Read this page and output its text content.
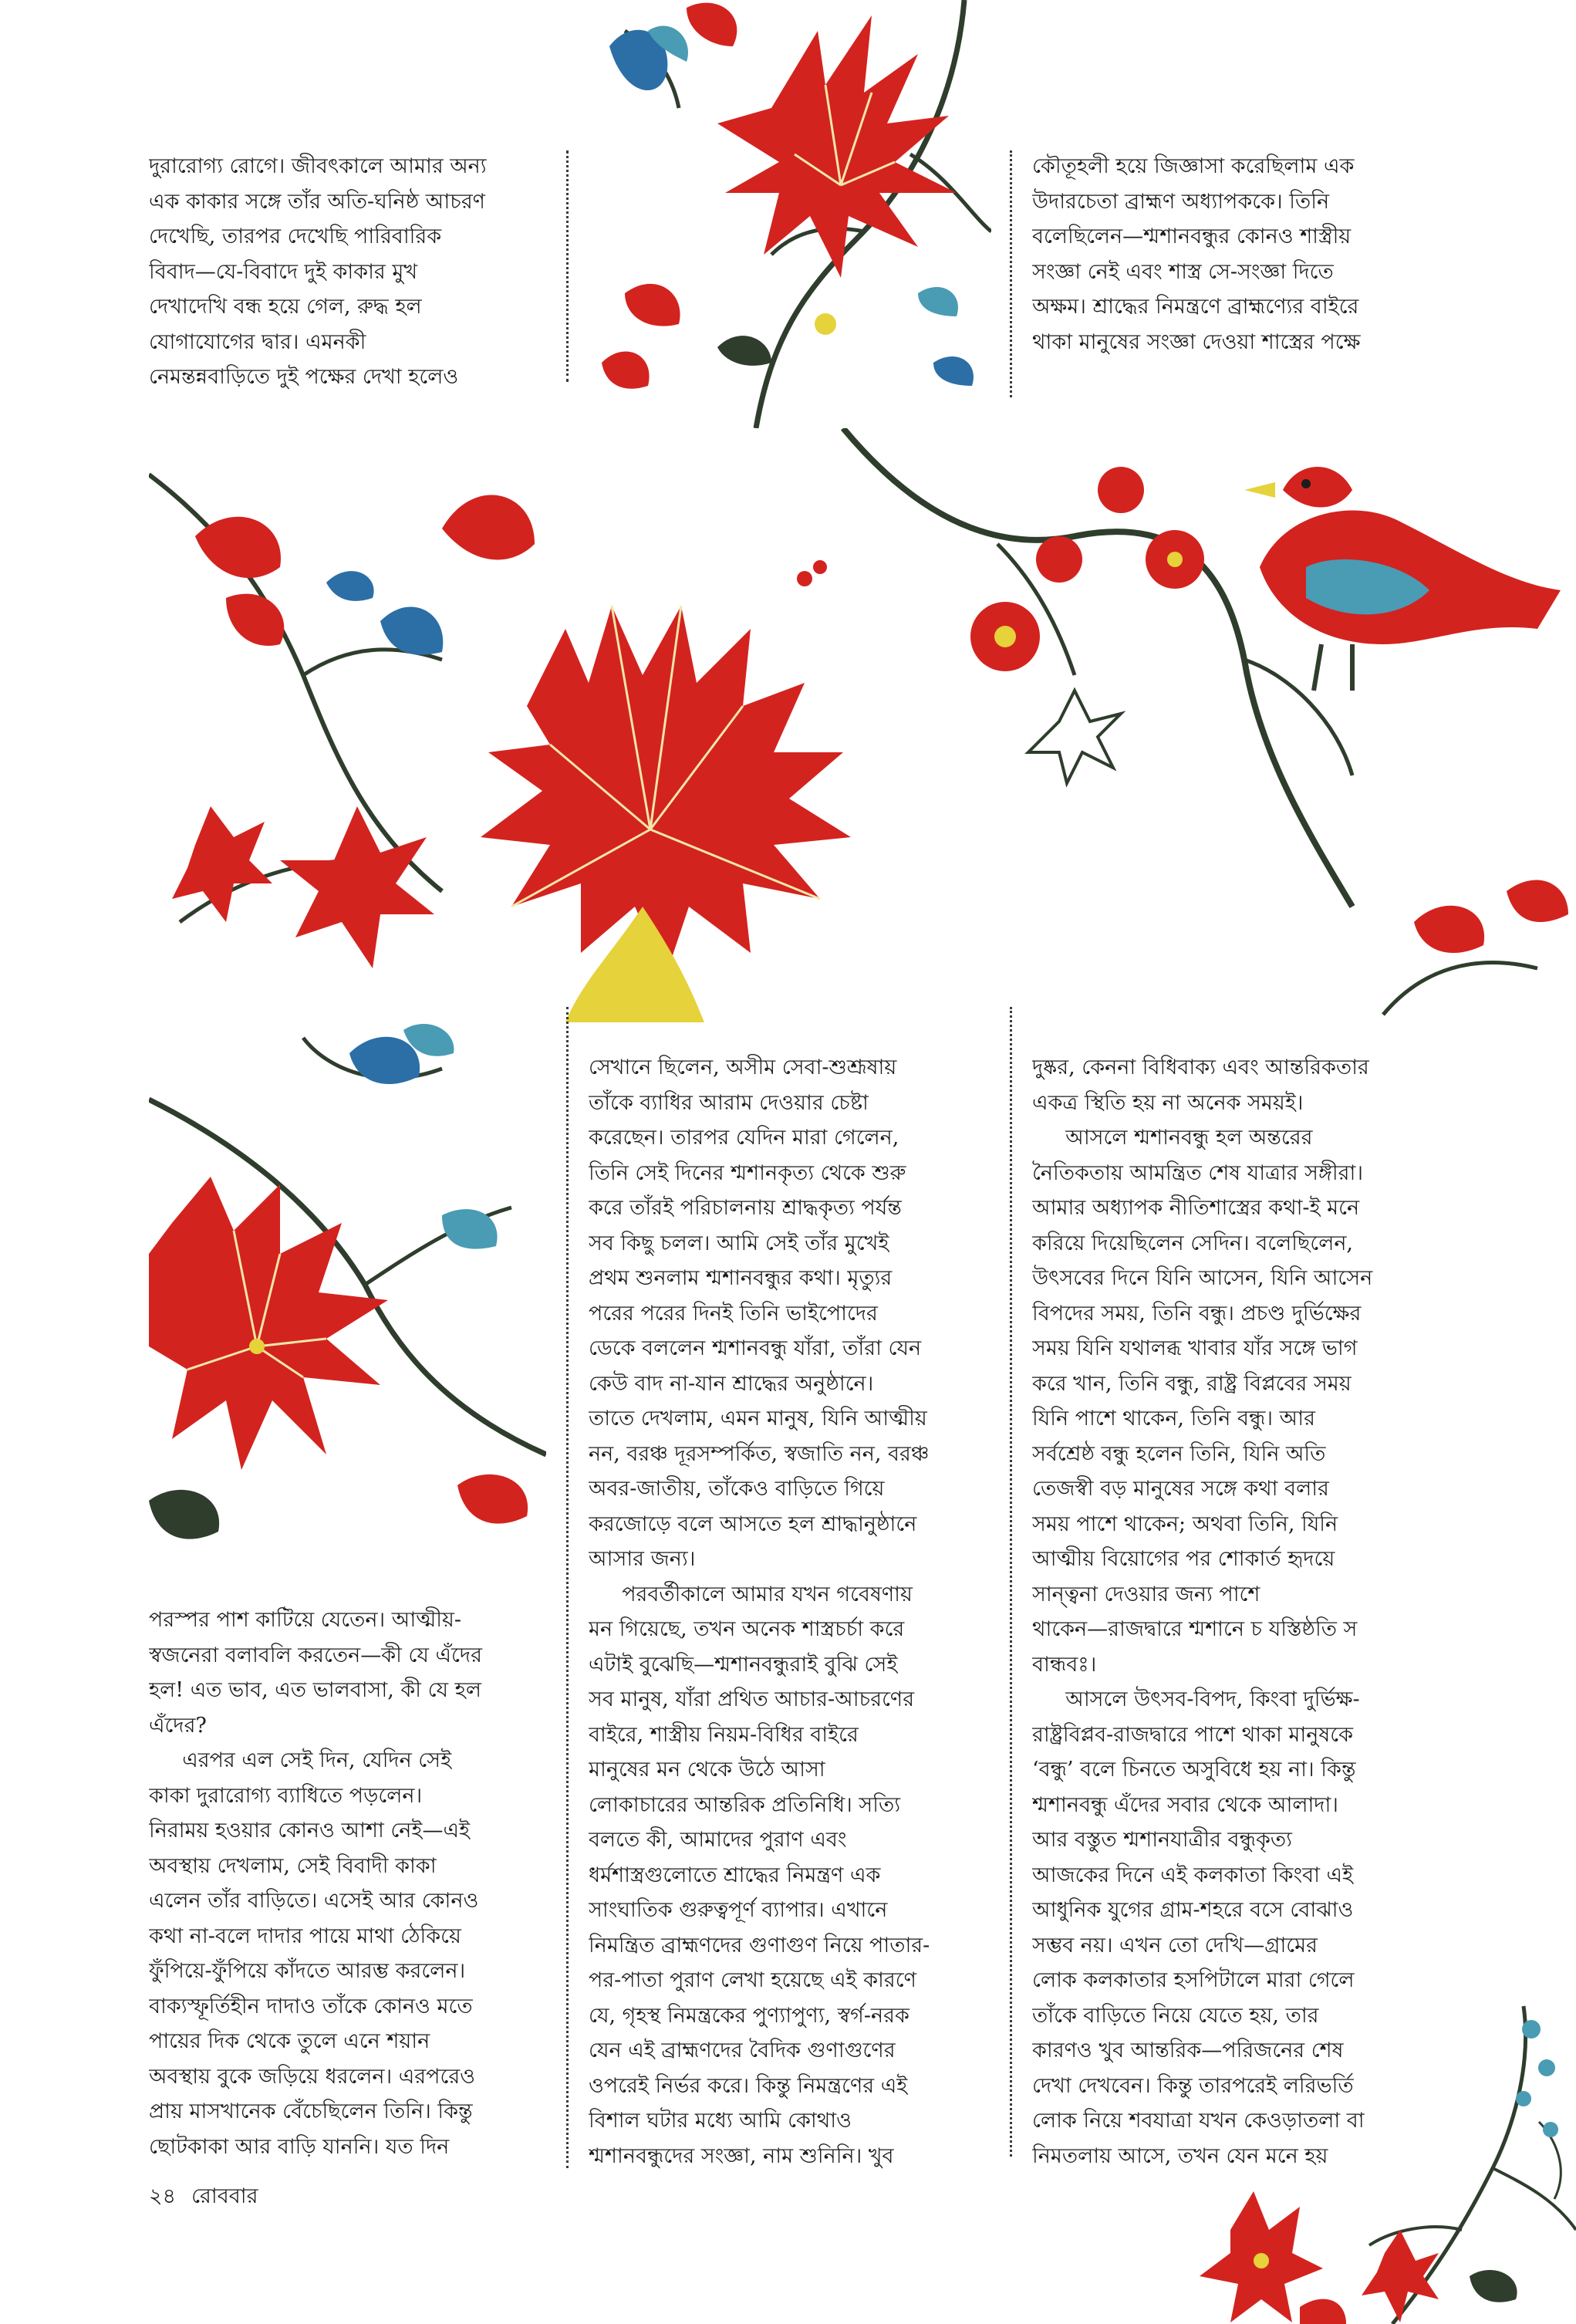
দুরারোগ্য রোগে। জীবৎকালে আমার অন্য

এক কাকার সঙ্গে তাঁর অতি-ঘনিষ্ঠ আচরণ

দেখেছি, তারপর দেখেছি পারিবারিক

বিবাদ—যে-বিবাদে দুই কাকার মুখ

দেখাদেখি বন্ধ হয়ে গেল, রুদ্ধ হল

যোগাযোগের দ্বার। এমনকী

নেমন্তন্নবাড়িতে দুই পক্ষের দেখা হলেও

কৌতূহলী হয়ে জিজ্ঞাসা করেছিলাম এক

উদারচেতা ব্রাহ্মণ অধ্যাপককে। তিনি

বলেছিলেন—শ্মশানবন্ধুর কোনও শাস্ত্রীয়

সংজ্ঞা নেই এবং শাস্ত্র সে-সংজ্ঞা দিতে

অক্ষম। শ্রাদ্ধের নিমন্ত্রণে ব্রাহ্মণ্যের বাইরে

থাকা মানুষের সংজ্ঞা দেওয়া শাস্ত্রের পক্ষে

পরস্পর পাশ কাটিয়ে যেতেন। আত্মীয়-

স্বজনেরা বলাবলি করতেন—কী যে এঁদের

হল! এত ভাব, এত ভালবাসা, কী যে হল

এঁদের?

এরপর এল সেই দিন, যেদিন সেই

কাকা দুরারোগ্য ব্যাধিতে পড়লেন।

নিরাময় হওয়ার কোনও আশা নেই—এই

অবস্থায় দেখলাম, সেই বিবাদী কাকা

এলেন তাঁর বাড়িতে। এসেই আর কোনও

কথা না-বলে দাদার পায়ে মাথা ঠেকিয়ে

ফুঁপিয়ে-ফুঁপিয়ে কাঁদতে আরম্ভ করলেন।

বাক্যস্ফূর্তিহীন দাদাও তাঁকে কোনও মতে

পায়ের দিক থেকে তুলে এনে শয়ান

অবস্থায় বুকে জড়িয়ে ধরলেন। এরপরেও

প্রায় মাসখানেক বেঁচেছিলেন তিনি। কিন্তু

ছোটকাকা আর বাড়ি যাননি। যত দিন

সেখানে ছিলেন, অসীম সেবা-শুশ্রূষায়

তাঁকে ব্যাধির আরাম দেওয়ার চেষ্টা

করেছেন। তারপর যেদিন মারা গেলেন,

তিনি সেই দিনের শ্মশানকৃত্য থেকে শুরু

করে তাঁরই পরিচালনায় শ্রাদ্ধকৃত্য পর্যন্ত

সব কিছু চলল। আমি সেই তাঁর মুখেই

প্রথম শুনলাম শ্মশানবন্ধুর কথা। মৃত্যুর

পরের পরের দিনই তিনি ভাইপোদের

ডেকে বললেন শ্মশানবন্ধু যাঁরা, তাঁরা যেন

কেউ বাদ না-যান শ্রাদ্ধের অনুষ্ঠানে।

তাতে দেখলাম, এমন মানুষ, যিনি আত্মীয়

নন, বরঞ্চ দূরসম্পর্কিত, স্বজাতি নন, বরঞ্চ

অবর-জাতীয়, তাঁকেও বাড়িতে গিয়ে

করজোড়ে বলে আসতে হল শ্রাদ্ধানুষ্ঠানে

আসার জন্য।

পরবর্তীকালে আমার যখন গবেষণায়

মন গিয়েছে, তখন অনেক শাস্ত্রচর্চা করে

এটাই বুঝেছি—শ্মশানবন্ধুরাই বুঝি সেই

সব মানুষ, যাঁরা প্রথিত আচার-আচরণের

বাইরে, শাস্ত্রীয় নিয়ম-বিধির বাইরে

মানুষের মন থেকে উঠে আসা

লোকাচারের আন্তরিক প্রতিনিধি। সত্যি

বলতে কী, আমাদের পুরাণ এবং

ধর্মশাস্ত্রগুলোতে শ্রাদ্ধের নিমন্ত্রণ এক

সাংঘাতিক গুরুত্বপূর্ণ ব্যাপার। এখানে

নিমন্ত্রিত ব্রাহ্মণদের গুণাগুণ নিয়ে পাতার-

পর-পাতা পুরাণ লেখা হয়েছে এই কারণে

যে, গৃহস্থ নিমন্ত্রকের পুণ্যাপুণ্য, স্বর্গ-নরক

যেন এই ব্রাহ্মণদের বৈদিক গুণাগুণের

ওপরেই নির্ভর করে। কিন্তু নিমন্ত্রণের এই

বিশাল ঘটার মধ্যে আমি কোথাও

শ্মশানবন্ধুদের সংজ্ঞা, নাম শুনিনি। খুব

দুষ্কর, কেননা বিধিবাক্য এবং আন্তরিকতার

একত্র স্থিতি হয় না অনেক সময়ই।

আসলে শ্মশানবন্ধু হল অন্তরের

নৈতিকতায় আমন্ত্রিত শেষ যাত্রার সঙ্গীরা।

আমার অধ্যাপক নীতিশাস্ত্রের কথা-ই মনে

করিয়ে দিয়েছিলেন সেদিন। বলেছিলেন,

উৎসবের দিনে যিনি আসেন, যিনি আসেন

বিপদের সময়, তিনি বন্ধু। প্রচণ্ড দুর্ভিক্ষের

সময় যিনি যথালব্ধ খাবার যাঁর সঙ্গে ভাগ

করে খান, তিনি বন্ধু, রাষ্ট্র বিপ্লবের সময়

যিনি পাশে থাকেন, তিনি বন্ধু। আর

সর্বশ্রেষ্ঠ বন্ধু হলেন তিনি, যিনি অতি

তেজস্বী বড় মানুষের সঙ্গে কথা বলার

সময় পাশে থাকেন; অথবা তিনি, যিনি

আত্মীয় বিয়োগের পর শোকার্ত হৃদয়ে

সান্ত্বনা দেওয়ার জন্য পাশে

থাকেন—রাজদ্বারে শ্মশানে চ যস্তিষ্ঠতি স

বান্ধবঃ।

আসলে উৎসব-বিপদ, কিংবা দুর্ভিক্ষ-

রাষ্ট্রবিপ্লব-রাজদ্বারে পাশে থাকা মানুষকে

‘বন্ধু’ বলে চিনতে অসুবিধে হয় না। কিন্তু

শ্মশানবন্ধু এঁদের সবার থেকে আলাদা।

আর বস্তুত শ্মশানযাত্রীর বন্ধুকৃত্য

আজকের দিনে এই কলকাতা কিংবা এই

আধুনিক যুগের গ্রাম-শহরে বসে বোঝাও

সম্ভব নয়। এখন তো দেখি—গ্রামের

লোক কলকাতার হসপিটালে মারা গেলে

তাঁকে বাড়িতে নিয়ে যেতে হয়, তার

কারণও খুব আন্তরিক—পরিজনের শেষ

দেখা দেখবেন। কিন্তু তারপরেই লরিভর্তি

লোক নিয়ে শবযাত্রা যখন কেওড়াতলা বা

নিমতলায় আসে, তখন যেন মনে হয়

২৪ রোববার
